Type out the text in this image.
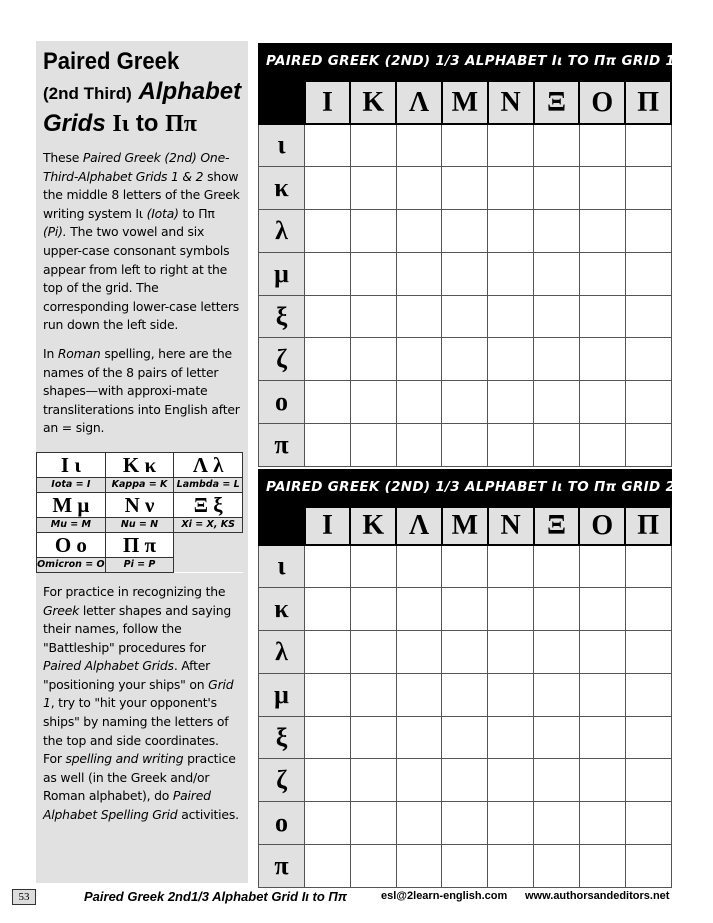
Paired Greek
(2nd Third) Alphabet
Grids Ιι to Ππ

These Paired Greek (2nd) One-Third-Alphabet Grids 1 & 2 show the middle 8 letters of the Greek writing system Ιι (Iota) to Ππ (Pi). The two vowel and six upper-case consonant symbols appear from left to right at the top of the grid. The corresponding lower-case letters run down the left side.

In Roman spelling, here are the names of the 8 pairs of letter shapes—with approxi-mate transliterations into English after an = sign.

Ι ι	Κ κ	Λ λ
Iota = I	Kappa = K	Lambda = L
Μ μ	Ν ν	Ξ ξ
Mu = M	Nu = N	Xi = X, KS
Ο ο	Π π	
Omicron = O	Pi = P	

For practice in recognizing the Greek letter shapes and saying their names, follow the "Battleship" procedures for Paired Alphabet Grids. After "positioning your ships" on Grid 1, try to "hit your opponent's ships" by naming the letters of the top and side coordinates. For spelling and writing practice as well (in the Greek and/or Roman alphabet), do Paired Alphabet Spelling Grid activities.

PAIRED GREEK (2ND) 1/3 ALPHABET Ιι TO Ππ GRID 1
	Ι	Κ	Λ	Μ	Ν	Ξ	Ο	Π
ι								
κ								
λ								
μ								
ξ								
ζ								
ο								
π								
PAIRED GREEK (2ND) 1/3 ALPHABET Ιι TO Ππ GRID 2
	Ι	Κ	Λ	Μ	Ν	Ξ	Ο	Π
ι								
κ								
λ								
μ								
ξ								
ζ								
ο								
π								
53	Paired Greek 2nd1/3 Alphabet Grid Ιι to Ππ	esl@2learn-english.com www.authorsandeditors.net
